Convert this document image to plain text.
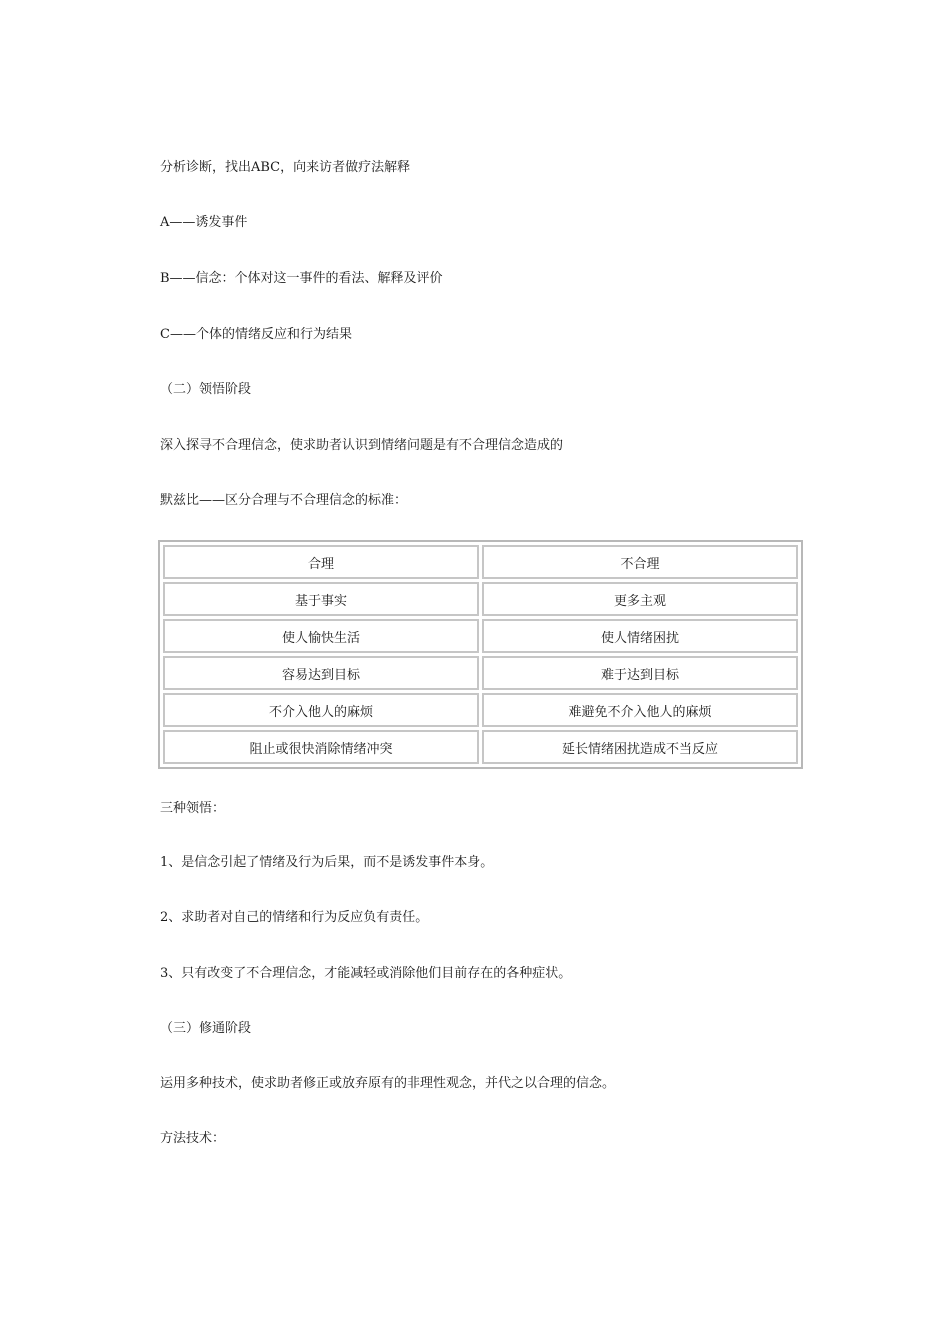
分析诊断，找出ABC，向来访者做疗法解释

A——诱发事件

B——信念：个体对这一事件的看法、解释及评价

C——个体的情绪反应和行为结果

（二）领悟阶段

深入探寻不合理信念，使求助者认识到情绪问题是有不合理信念造成的

默兹比——区分合理与不合理信念的标准：

合理	不合理
基于事实	更多主观
使人愉快生活	使人情绪困扰
容易达到目标	难于达到目标
不介入他人的麻烦	难避免不介入他人的麻烦
阻止或很快消除情绪冲突	延长情绪困扰造成不当反应

三种领悟：

1、是信念引起了情绪及行为后果，而不是诱发事件本身。

2、求助者对自己的情绪和行为反应负有责任。

3、只有改变了不合理信念，才能减轻或消除他们目前存在的各种症状。

（三）修通阶段

运用多种技术，使求助者修正或放弃原有的非理性观念，并代之以合理的信念。

方法技术：
